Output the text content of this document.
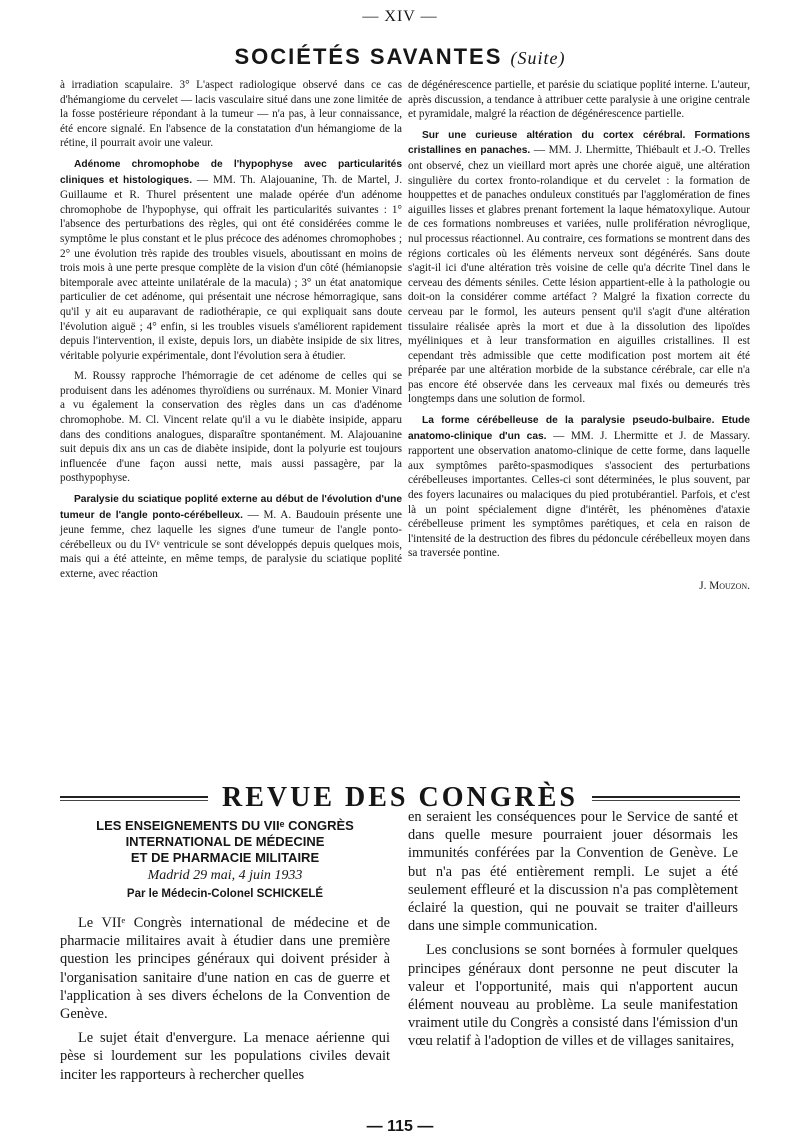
— XIV —
SOCIÉTÉS SAVANTES (Suite)

à irradiation scapulaire. 3° L'aspect radiologique observé dans ce cas d'hémangiome du cervelet — lacis vasculaire situé dans une zone limitée de la fosse postérieure répondant à la tumeur — n'a pas, à leur connaissance, été encore signalé. En l'absence de la constatation d'un hémangiome de la rétine, il pourrait avoir une valeur.

Adénome chromophobe de l'hypophyse avec particularités cliniques et histologiques. — MM. Th. Alajouanine, Th. de Martel, J. Guillaume et R. Thurel présentent une malade opérée d'un adénome chromophobe de l'hypophyse, qui offrait les particularités suivantes : 1° l'absence des perturbations des règles, qui ont été considérées comme le symptôme le plus constant et le plus précoce des adénomes chromophobes ; 2° une évolution très rapide des troubles visuels, aboutissant en moins de trois mois à une perte presque complète de la vision d'un côté (hémianopsie bitemporale avec atteinte unilatérale de la macula) ; 3° un état anatomique particulier de cet adénome, qui présentait une nécrose hémorragique, sans qu'il y ait eu auparavant de radiothérapie, ce qui expliquait sans doute l'évolution aiguë ; 4° enfin, si les troubles visuels s'améliorent rapidement depuis l'intervention, il existe, depuis lors, un diabète insipide de six litres, véritable polyurie expérimentale, dont l'évolution sera à étudier.

M. Roussy rapproche l'hémorragie de cet adénome de celles qui se produisent dans les adénomes thyroïdiens ou surrénaux. M. Monier Vinard a vu également la conservation des règles dans un cas d'adénome chromophobe. M. Cl. Vincent relate qu'il a vu le diabète insipide, apparu dans des conditions analogues, disparaître spontanément. M. Alajouanine suit depuis dix ans un cas de diabète insipide, dont la polyurie est toujours influencée d'une façon aussi nette, mais aussi passagère, par la posthypophyse.

Paralysie du sciatique poplité externe au début de l'évolution d'une tumeur de l'angle ponto-cérébelleux. — M. A. Baudouin présente une jeune femme, chez laquelle les signes d'une tumeur de l'angle ponto-cérébelleux ou du IVᵉ ventricule se sont développés depuis quelques mois, mais qui a été atteinte, en même temps, de paralysie du sciatique poplité externe, avec réaction

de dégénérescence partielle, et parésie du sciatique poplité interne. L'auteur, après discussion, a tendance à attribuer cette paralysie à une origine centrale et pyramidale, malgré la réaction de dégénérescence partielle.

Sur une curieuse altération du cortex cérébral. Formations cristallines en panaches. — MM. J. Lhermitte, Thiébault et J.-O. Trelles ont observé, chez un vieillard mort après une chorée aiguë, une altération singulière du cortex fronto-rolandique et du cervelet : la formation de houppettes et de panaches onduleux constitués par l'agglomération de fines aiguilles lisses et glabres prenant fortement la laque hématoxylique. Autour de ces formations nombreuses et variées, nulle prolifération névroglique, nul processus réactionnel. Au contraire, ces formations se montrent dans des régions corticales où les éléments nerveux sont dégénérés. Sans doute s'agit-il ici d'une altération très voisine de celle qu'a décrite Tinel dans le cerveau des déments séniles. Cette lésion appartient-elle à la pathologie ou doit-on la considérer comme artéfact ? Malgré la fixation correcte du cerveau par le formol, les auteurs pensent qu'il s'agit d'une altération tissulaire réalisée après la mort et due à la dissolution des lipoïdes myéliniques et à leur transformation en aiguilles cristallines. Il est cependant très admissible que cette modification post mortem ait été préparée par une altération morbide de la substance cérébrale, car elle n'a pas encore été observée dans les cerveaux mal fixés ou demeurés très longtemps dans une solution de formol.

La forme cérébelleuse de la paralysie pseudo-bulbaire. Etude anatomo-clinique d'un cas. — MM. J. Lhermitte et J. de Massary. rapportent une observation anatomo-clinique de cette forme, dans laquelle aux symptômes parêto-spasmodiques s'associent des perturbations cérébelleuses importantes. Celles-ci sont déterminées, le plus souvent, par des foyers lacunaires ou malaciques du pied protubérantiel. Parfois, et c'est là un point spécialement digne d'intérêt, les phénomènes d'ataxie cérébelleuse priment les symptômes parétiques, et cela en raison de l'intensité de la destruction des fibres du pédoncule cérébelleux moyen dans sa traversée pontine.

J. Mouzon.

REVUE DES CONGRÈS
LES ENSEIGNEMENTS DU VIIᵉ CONGRÈS
INTERNATIONAL DE MÉDECINE
ET DE PHARMACIE MILITAIRE
Madrid 29 mai, 4 juin 1933
Par le Médecin-Colonel SCHICKELÉ

Le VIIᵉ Congrès international de médecine et de pharmacie militaires avait à étudier dans une première question les principes généraux qui doivent présider à l'organisation sanitaire d'une nation en cas de guerre et l'application à ses divers échelons de la Convention de Genève.

Le sujet était d'envergure. La menace aérienne qui pèse si lourdement sur les populations civiles devait inciter les rapporteurs à rechercher quelles

en seraient les conséquences pour le Service de santé et dans quelle mesure pourraient jouer désormais les immunités conférées par la Convention de Genève. Le but n'a pas été entièrement rempli. Le sujet a été seulement effleuré et la discussion n'a pas complètement éclairé la question, qui ne pouvait se traiter d'ailleurs dans une simple communication.

Les conclusions se sont bornées à formuler quelques principes généraux dont personne ne peut discuter la valeur et l'opportunité, mais qui n'apportent aucun élément nouveau au problème. La seule manifestation vraiment utile du Congrès a consisté dans l'émission d'un vœu relatif à l'adoption de villes et de villages sanitaires,

— 115 —
